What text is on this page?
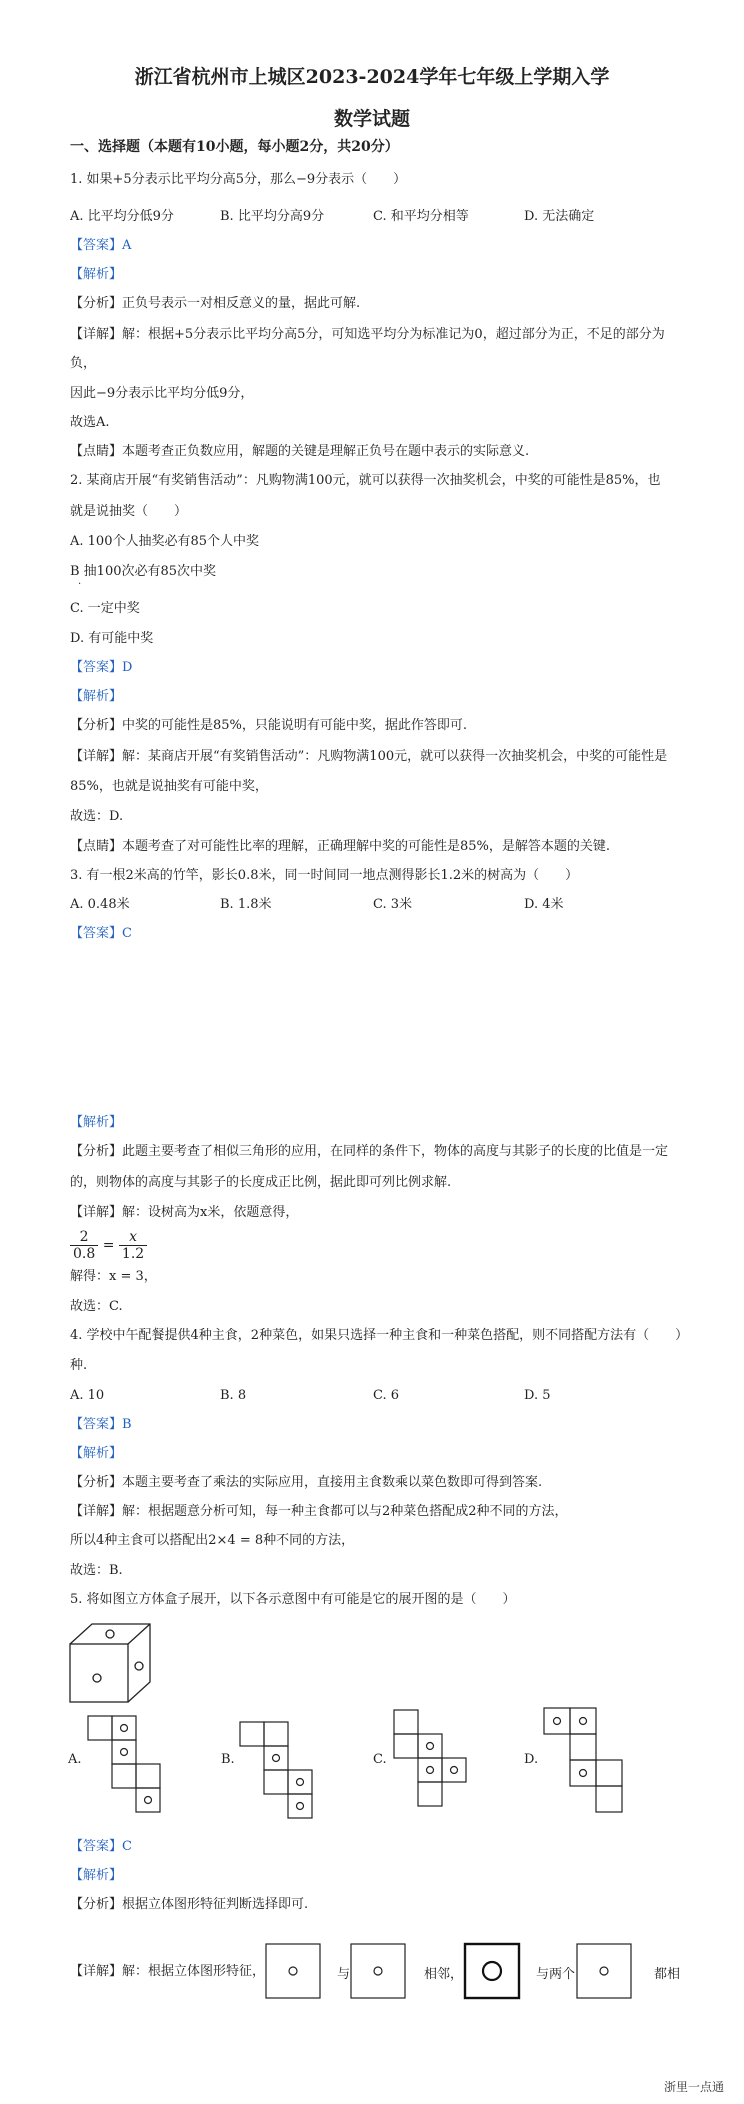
浙江省杭州市上城区2023-2024学年七年级上学期入学
数学试题
一、选择题（本题有10小题，每小题2分，共20分）
1. 如果+5分表示比平均分高5分，那么−9分表示（　　）
A. 比平均分低9分	B. 比平均分高9分	C. 和平均分相等	D. 无法确定
【答案】A
【解析】
【分析】正负号表示一对相反意义的量，据此可解.
【详解】解：根据+5分表示比平均分高5分，可知选平均分为标准记为0，超过部分为正，不足的部分为
负，
因此−9分表示比平均分低9分，
故选A.
【点睛】本题考查正负数应用，解题的关键是理解正负号在题中表示的实际意义.
2. 某商店开展“有奖销售活动”：凡购物满100元，就可以获得一次抽奖机会，中奖的可能性是85%，也
就是说抽奖（　　）
A. 100个人抽奖必有85个人中奖
B 抽100次必有85次中奖
.
C. 一定中奖
D. 有可能中奖
【答案】D
【解析】
【分析】中奖的可能性是85%，只能说明有可能中奖，据此作答即可.
【详解】解：某商店开展“有奖销售活动”：凡购物满100元，就可以获得一次抽奖机会，中奖的可能性是
85%，也就是说抽奖有可能中奖，
故选：D.
【点睛】本题考查了对可能性比率的理解，正确理解中奖的可能性是85%，是解答本题的关键.
3. 有一根2米高的竹竿，影长0.8米，同一时间同一地点测得影长1.2米的树高为（　　）
A. 0.48米	B. 1.8米	C. 3米	D. 4米
【答案】C
【解析】
【分析】此题主要考查了相似三角形的应用，在同样的条件下，物体的高度与其影子的长度的比值是一定
的，则物体的高度与其影子的长度成正比例，据此即可列比例求解.
【详解】解：设树高为x米，依题意得，
$\frac{2}{0.8} = \frac{x}{1.2}$
解得：x = 3，
故选：C.
4. 学校中午配餐提供4种主食，2种菜色，如果只选择一种主食和一种菜色搭配，则不同搭配方法有（　　）
种.
A. 10	B. 8	C. 6	D. 5
【答案】B
【解析】
【分析】本题主要考查了乘法的实际应用，直接用主食数乘以菜色数即可得到答案.
【详解】解：根据题意分析可知，每一种主食都可以与2种菜色搭配成2种不同的方法，
所以4种主食可以搭配出2×4 = 8种不同的方法，
故选：B.
5. 将如图立方体盒子展开，以下各示意图中有可能是它的展开图的是（　　）
A.	B.	C.	D.
【答案】C
【解析】
【分析】根据立体图形特征判断选择即可.
【详解】解：根据立体图形特征，	与	相邻，	与两个	都相
浙里一点通
